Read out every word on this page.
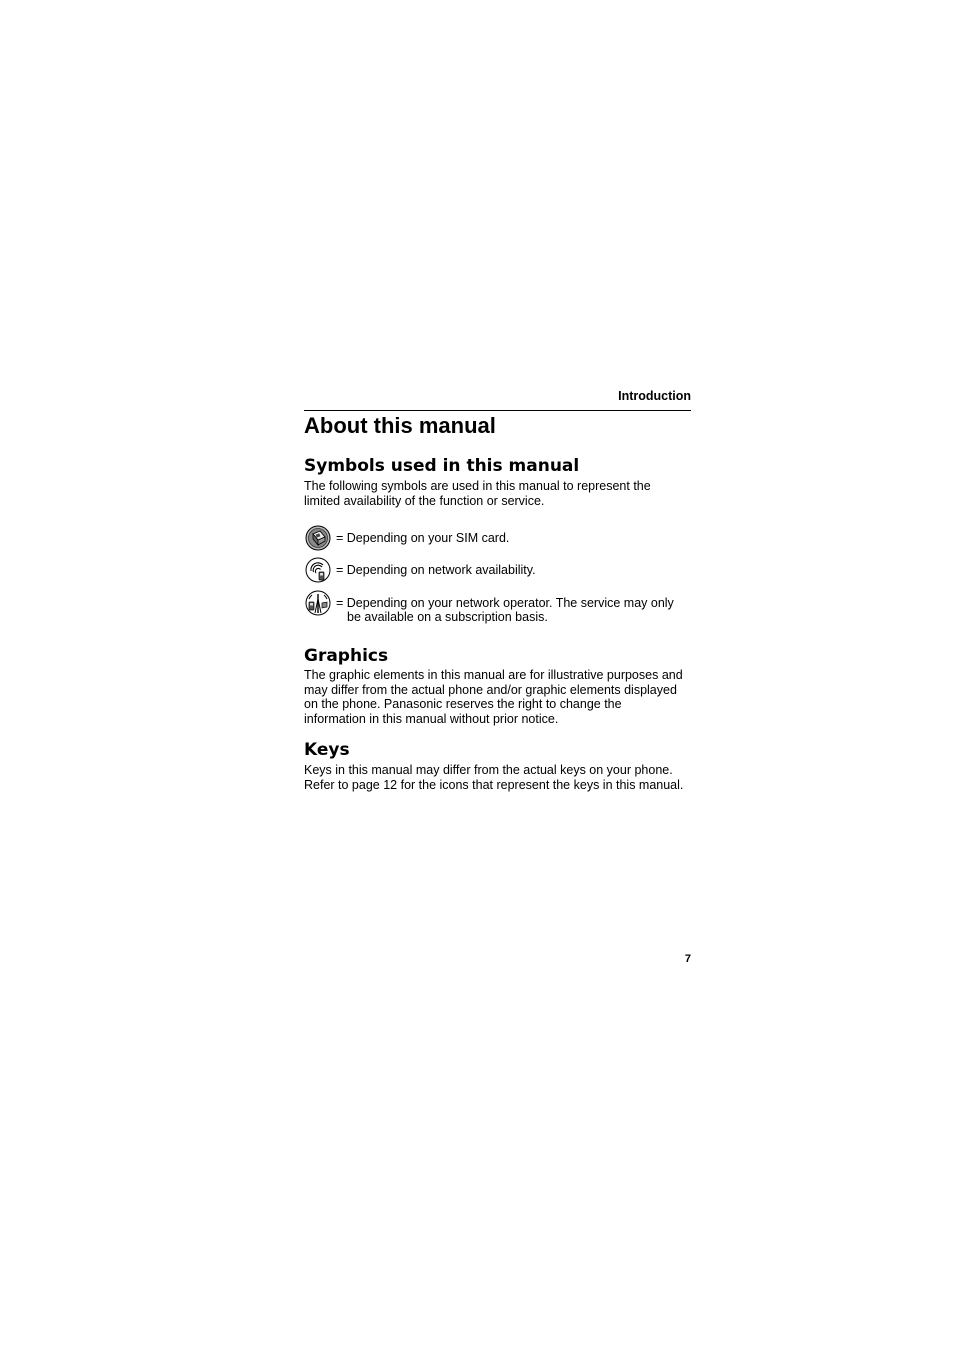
Introduction
About this manual
Symbols used in this manual

The following symbols are used in this manual to represent the
limited availability of the function or service.

= Depending on your SIM card.
= Depending on network availability.
= Depending on your network operator. The service may only

be available on a subscription basis.
Graphics

The graphic elements in this manual are for illustrative purposes and
may differ from the actual phone and/or graphic elements displayed
on the phone. Panasonic reserves the right to change the
information in this manual without prior notice.

Keys

Keys in this manual may differ from the actual keys on your phone.
Refer to page 12 for the icons that represent the keys in this manual.

7
